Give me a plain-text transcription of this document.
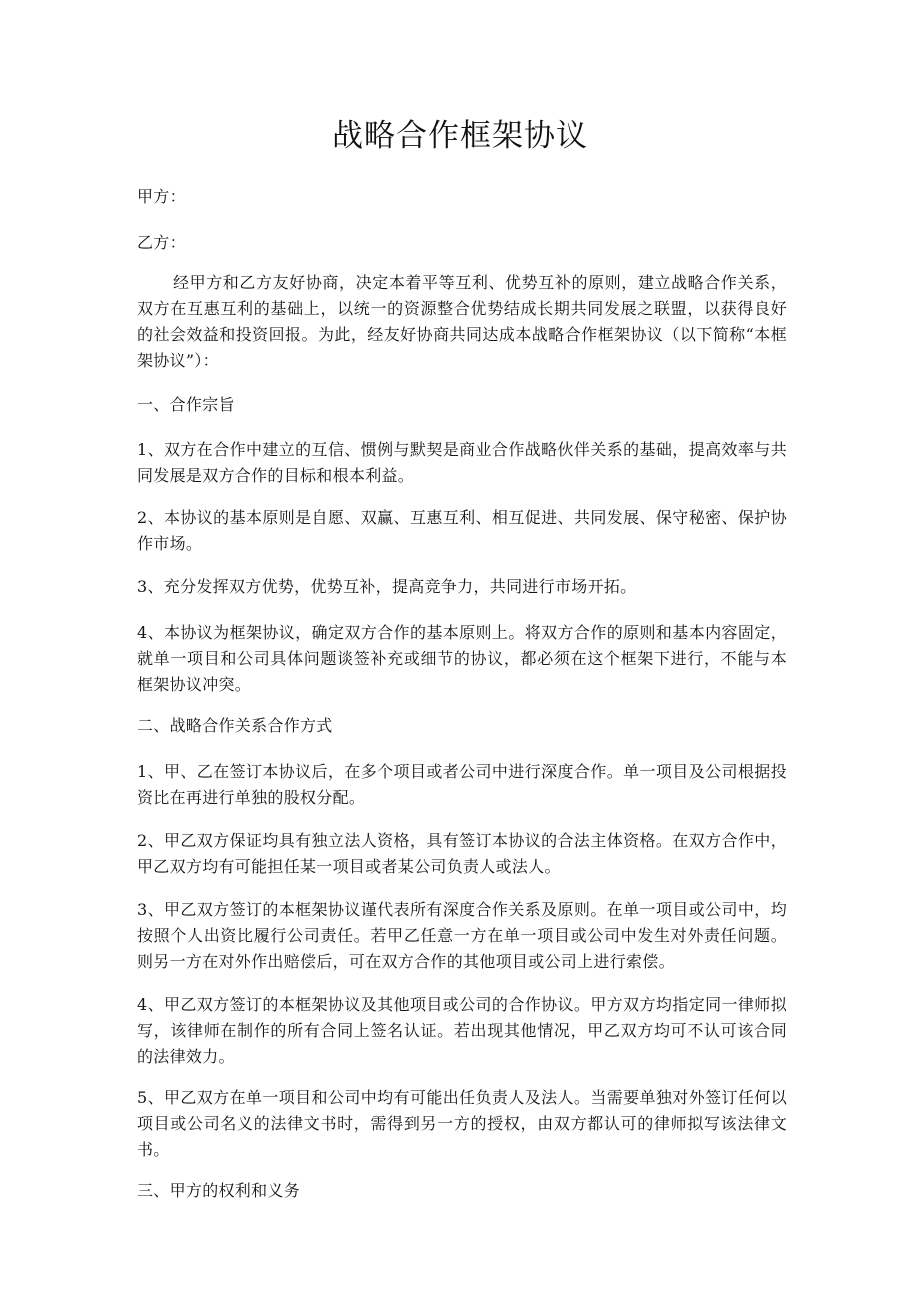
战略合作框架协议
甲方：
乙方：
经甲方和乙方友好协商，决定本着平等互利、优势互补的原则，建立战略合作关系，双方在互惠互利的基础上，以统一的资源整合优势结成长期共同发展之联盟，以获得良好的社会效益和投资回报。为此，经友好协商共同达成本战略合作框架协议（以下简称“本框架协议”）：
一、合作宗旨
1、双方在合作中建立的互信、惯例与默契是商业合作战略伙伴关系的基础，提高效率与共同发展是双方合作的目标和根本利益。
2、本协议的基本原则是自愿、双赢、互惠互利、相互促进、共同发展、保守秘密、保护协作市场。
3、充分发挥双方优势，优势互补，提高竞争力，共同进行市场开拓。
4、本协议为框架协议，确定双方合作的基本原则上。将双方合作的原则和基本内容固定，就单一项目和公司具体问题谈签补充或细节的协议，都必须在这个框架下进行，不能与本框架协议冲突。
二、战略合作关系合作方式
1、甲、乙在签订本协议后，在多个项目或者公司中进行深度合作。单一项目及公司根据投资比在再进行单独的股权分配。
2、甲乙双方保证均具有独立法人资格，具有签订本协议的合法主体资格。在双方合作中，甲乙双方均有可能担任某一项目或者某公司负责人或法人。
3、甲乙双方签订的本框架协议谨代表所有深度合作关系及原则。在单一项目或公司中，均按照个人出资比履行公司责任。若甲乙任意一方在单一项目或公司中发生对外责任问题。则另一方在对外作出赔偿后，可在双方合作的其他项目或公司上进行索偿。
4、甲乙双方签订的本框架协议及其他项目或公司的合作协议。甲方双方均指定同一律师拟写，该律师在制作的所有合同上签名认证。若出现其他情况，甲乙双方均可不认可该合同的法律效力。
5、甲乙双方在单一项目和公司中均有可能出任负责人及法人。当需要单独对外签订任何以项目或公司名义的法律文书时，需得到另一方的授权，由双方都认可的律师拟写该法律文书。
三、甲方的权利和义务
